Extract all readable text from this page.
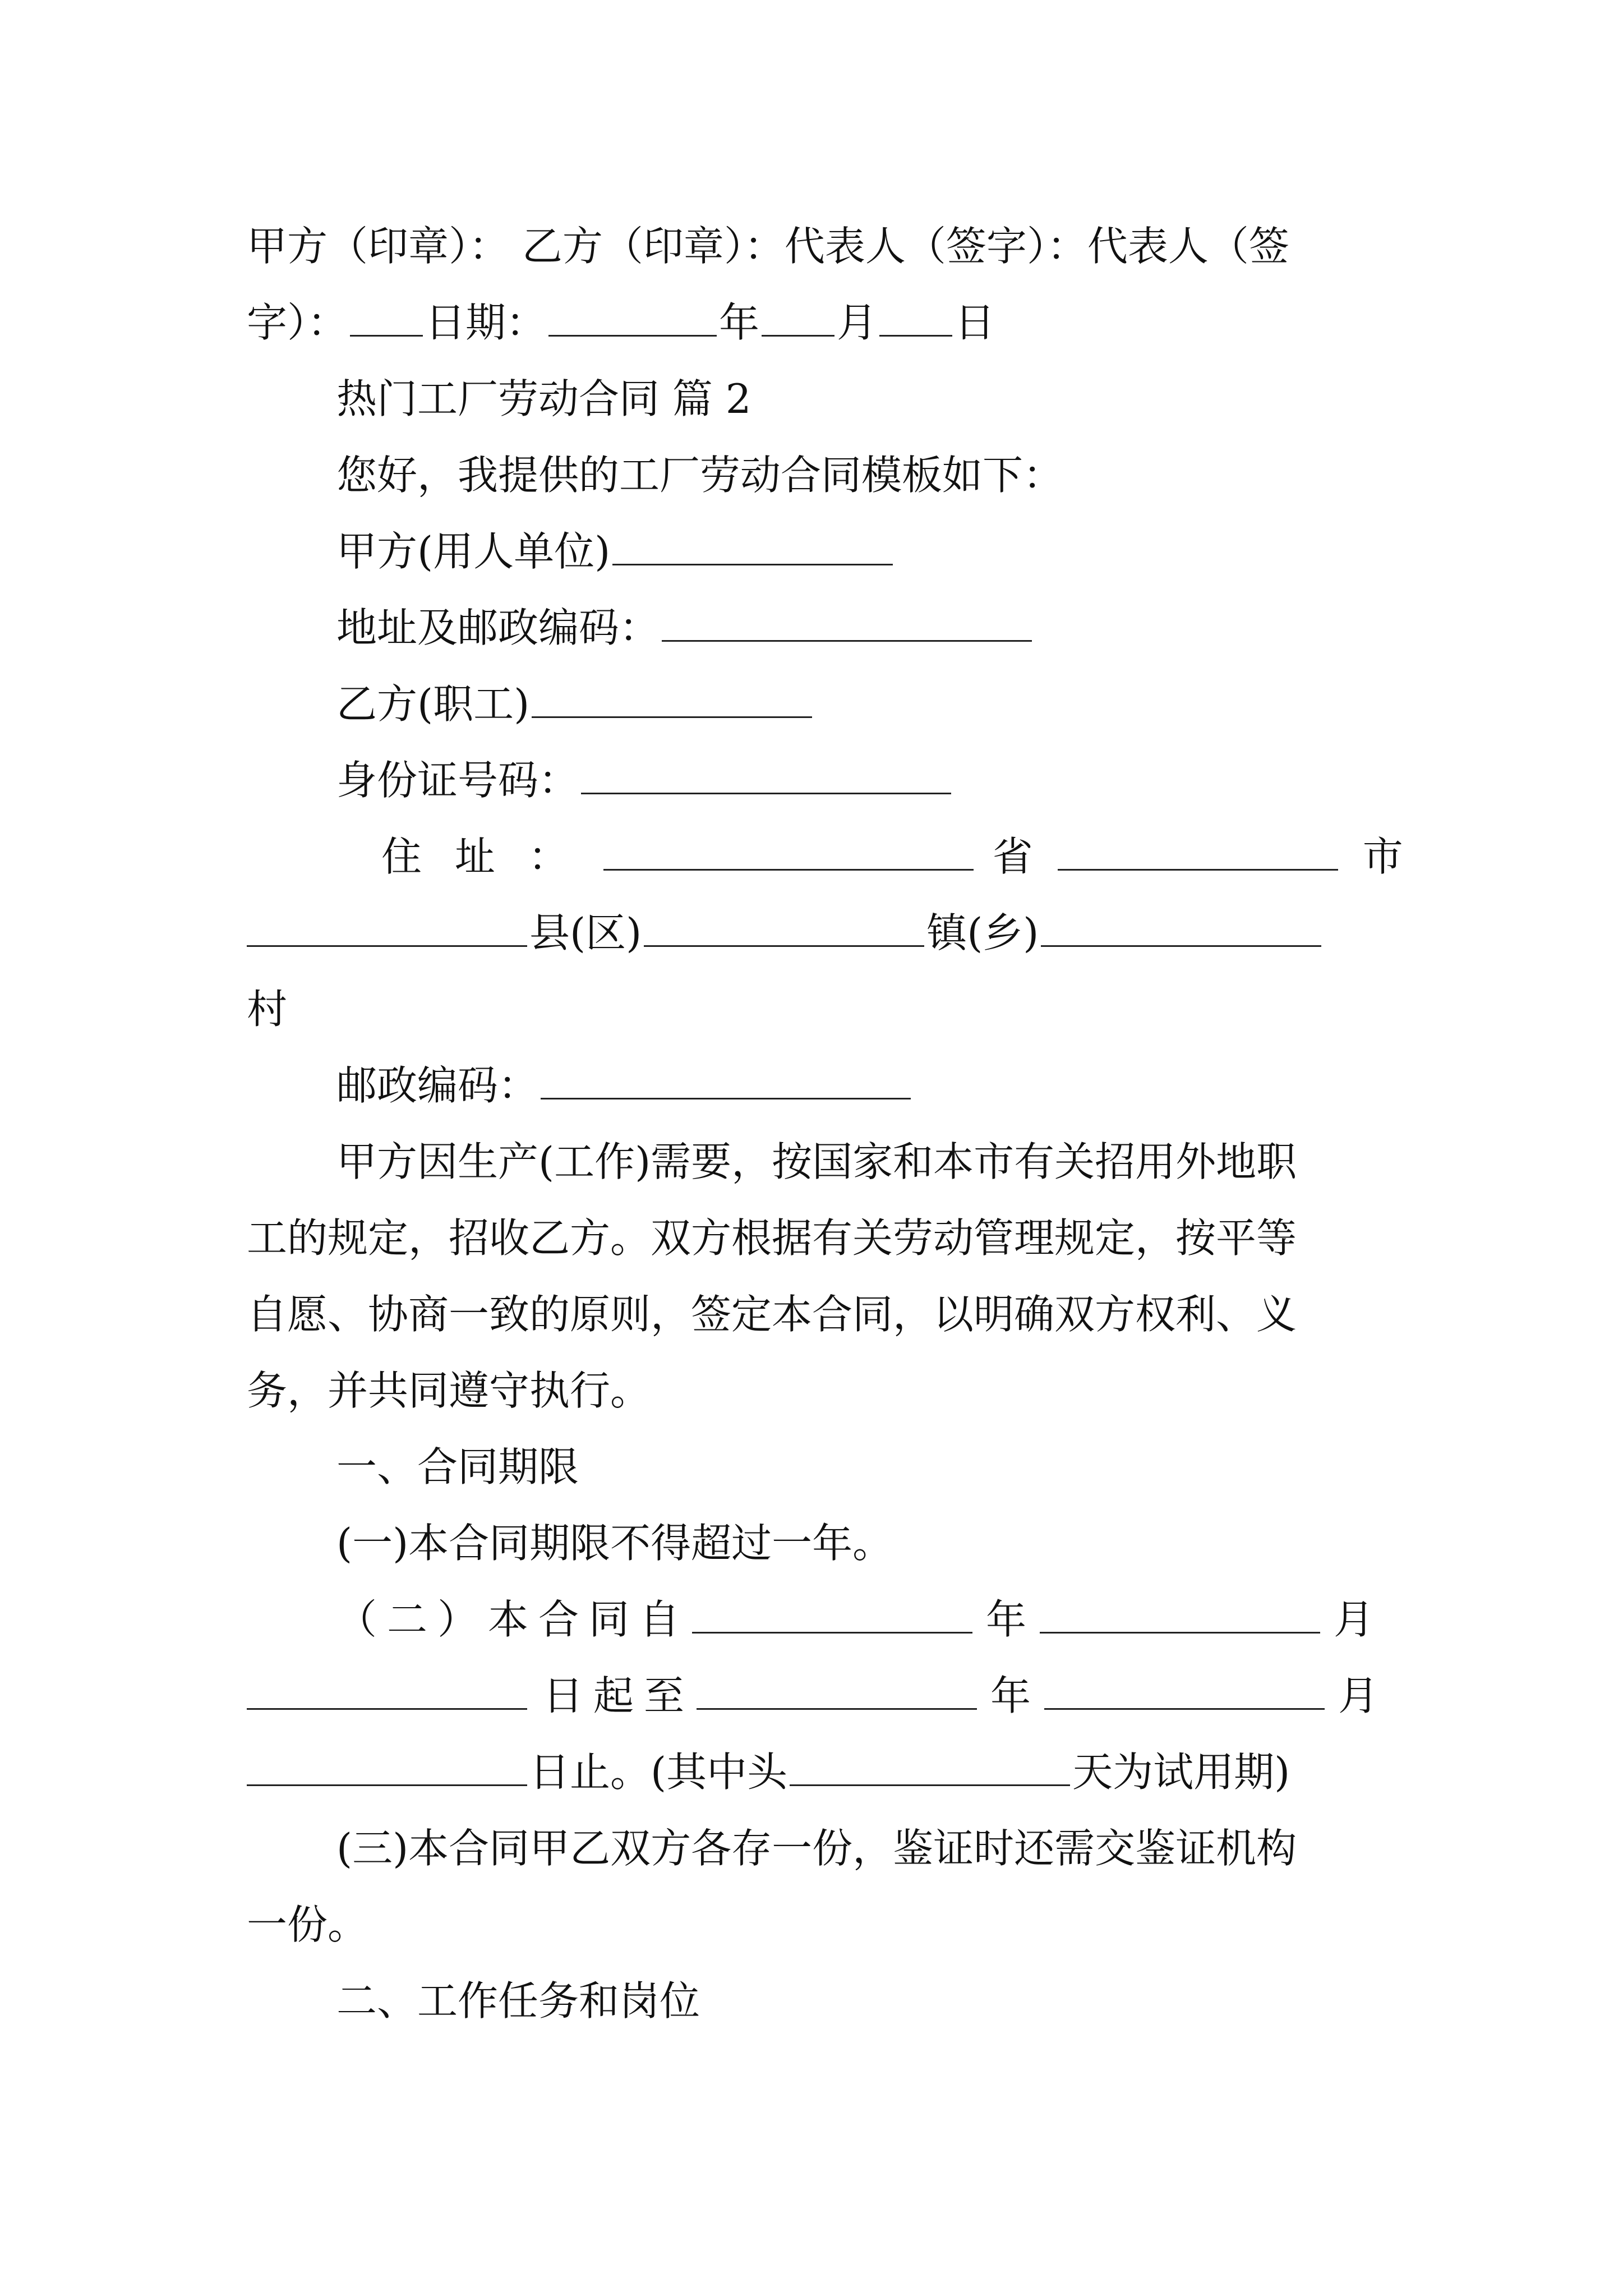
甲方（印章）： 乙方（印章）：代表人（签字）：代表人（签
字）： 日期：	年 月 日
热门工厂劳动合同 篇 2
您好，我提供的工厂劳动合同模板如下：
甲方(用人单位)
地址及邮政编码：
乙方(职工)
身份证号码：
住 址 ：	省	市
县(区)	镇(乡)
村
邮政编码：
甲方因生产(工作)需要，按国家和本市有关招用外地职
工的规定，招收乙方。双方根据有关劳动管理规定，按平等
自愿、协商一致的原则，签定本合同，以明确双方权利、义
务，并共同遵守执行。
一、合同期限
(一)本合同期限不得超过一年。
（二）本合同自	年	月
日起至	年	月
日止。(其中头	天为试用期)
(三)本合同甲乙双方各存一份，鉴证时还需交鉴证机构
一份。
二、工作任务和岗位
